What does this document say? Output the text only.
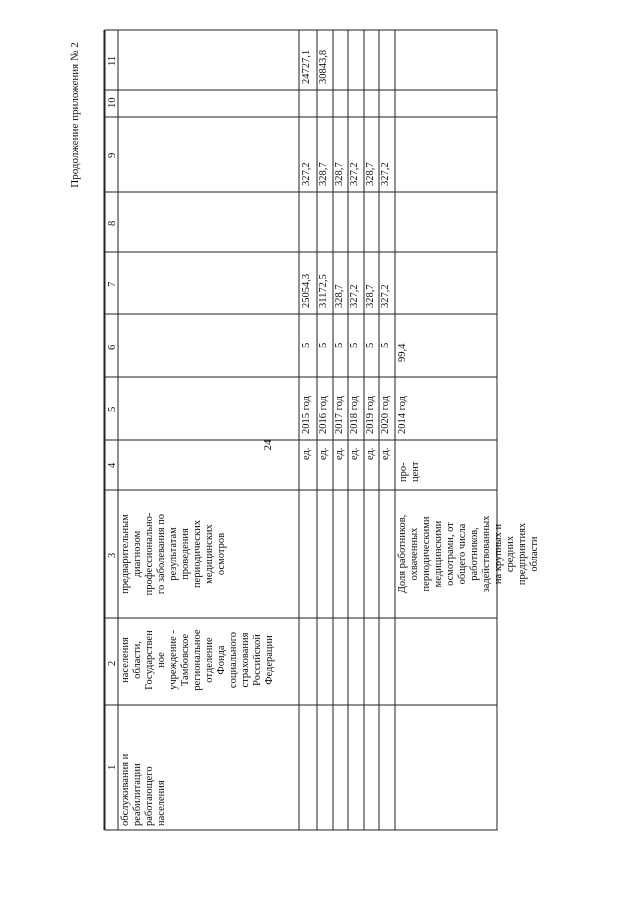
24
Продолжение приложения № 2
1
2
3
4
5
6
7
8
9
10
11
обслуживания и реабилитации работающего населения
населения области, Государствен ное учреждение - Тамбовское региональное отделение Фонда социального страхования Российской Федерации
предварительным диагнозом профессионально- го заболевания по результатам проведения периодических медицинских осмотров	Доля работников, охваченных периодическими медицинскими осмотрами, от общего числа работников, задействованных на крупных и средних предприятиях области
ед.
2015 год
5
25054,3
327,2
24727,1
ед.
2016 год
5
31172,5
328,7
30843,8
ед.
2017 год
5
328,7
328,7
ед.
2018 год
5
327,2
327,2
ед.
2019 год
5
328,7
328,7
ед.
2020 год
5
327,2
327,2
про- цент
2014 год
99,4
